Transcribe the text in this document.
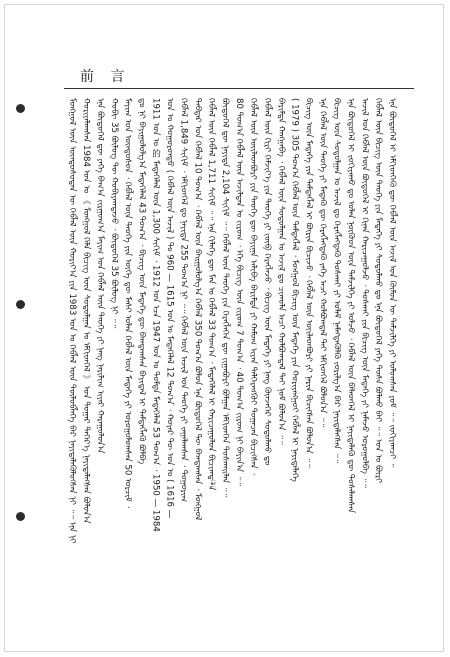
前 言
ᠮᠣᠩᠭᠣᠯ ᠦᠨ ᠦᠨᠳᠦᠰᠦᠲᠡᠨ ᠦ ᠬᠡᠪᠯᠡᠯ ᠦᠨ ᠬᠣᠷᠢᠶ᠎ᠠ ᠶᠢᠨ 1983 ᠣᠨ ᠤ ᠬᠡᠪᠯᠡᠯ ᠦᠨ ᠲᠥᠯᠥᠪᠯᠡᠭᠡ ᠪᠡᠷ ᠨᠡᠶᠢᠲᠡᠯᠡᠭᠦᠯᠦᠭᠰᠡᠨ ᠨᠢ ᠃᠃ ᠡᠨᠡ ᠨᠢ ᠬᠣᠷᠢᠶᠠᠯᠠᠭᠰᠠᠨ 1984 ᠣᠨ ᠤ 《 ᠮᠣᠩᠭᠣᠯ ᠬᠡᠯᠡ ᠪᠢᠴᠢᠭ ᠦᠨ ᠰᠤᠳᠤᠯᠭᠠᠨ ᠤ ᠡᠮᠬᠢᠳᠬᠡᠯ 》 ᠤᠨ ᠳᠤᠭᠠᠷ ᠳᠡᠭᠡᠷ᠎ᠡ ᠨᠡᠶᠢᠲᠡᠯᠡᠭᠰᠡᠨ ᠪᠣᠯᠤᠨ᠎ᠠ ᠡᠨᠡ ᠪᠦᠲᠦᠭᠡᠯ ᠳᠦ ᠶᠡᠬᠡ ᠪᠠᠭ᠎ᠠ ᠵᠢᠷᠭᠤᠭ᠎ᠠ ᠮᠠᠶᠢᠭ ᠤᠨ ᠬᠡᠪᠯᠡᠯ ᠦᠨ ᠲᠡᠦᠬᠡ ᠶᠢ ᠨᠡᠩ ᠨᠠᠷᠢᠯᠢᠭ ᠢᠶᠡᠷ ᠬᠠᠷᠠᠭᠤᠯᠤᠨ᠎ᠠ ᠬᠤᠪᠢ 35 ᠪᠦᠯᠦᠭ ᠲᠦ ᠬᠤᠪᠢᠶᠠᠭᠳᠠᠵᠤ ᠂ ᠪᠦᠲᠦᠭᠡᠯ 35 ᠪᠦᠯᠦᠭ ᠨᠢ ᠃᠃ ᠮᠠᠶᠢᠭ ᠤᠨ ᠦᠨᠳᠦᠰᠦᠨ ᠂ ᠬᠡᠪᠯᠡᠯ ᠦᠨ ᠲᠡᠦᠬᠡ ᠶᠢᠨ ᠦᠭᠡ ᠳᠦ ᠮᠠᠰᠢ ᠣᠯᠠᠨ ᠬᠡᠪᠯᠡᠯ ᠦᠨ ᠮᠡᠳᠡᠭᠡ ᠶᠢ ᠣᠷᠤᠭᠤᠯᠤᠭᠰᠠᠨ 50 ᠣᠷᠴᠢᠮ ᠂ ᠳᠤ ᠨᠢ ᠪᠠᠶᠢᠭᠤᠯᠤᠯᠭ᠎ᠠ ᠮᠡᠳᠡᠭᠡᠯᠡᠯ 43 ᠲᠣᠭ᠎ᠠ ᠂ ᠪᠢᠴᠢᠭ ᠦᠨ ᠮᠡᠳᠡᠭᠡ ᠳᠦ ᠪᠠᠭᠲᠠᠭᠰᠠᠨ ᠪᠠᠶᠢᠳᠠᠯ ᠢ ᠲᠡᠮᠳᠡᠭᠯᠡᠬᠦ ᠪᠣᠯᠪᠠ 1911 ᠣᠨ ᠤ 的 ᠮᠡᠳᠡᠭᠡᠯᠡᠯ ᠦᠨ 1,300 ᠰᠢᠬᠢᠮ ᠂ 1912 ᠣᠨ ᠡᠴᠡ 1947 ᠣᠨ ᠤ ᠳᠤᠮᠳᠠ ᠮᠡᠳᠡᠭᠡᠯᠡᠯ 53 ᠲᠣᠭ᠎ᠠ ᠂ 1950 — 1984 ᠣᠨ ᠤ ᠬᠣᠭᠣᠷᠣᠨᠳᠣ ( ᠬᠡᠪᠯᠡᠯ ᠦᠨ ᠠᠵᠢᠯ ) ᠲᠤ 960 — 1615 ᠣᠨ ᠤ ᠮᠡᠳᠡᠭᠡᠯᠡᠯ 12 ᠲᠣᠭ᠎ᠠ ᠂ ᠬᠣᠶᠠᠷ ᠲᠦ ᠣᠨ ᠤ ( 1616 — ᠬᠡᠪᠯᠡᠯ 1,849 ᠰᠢᠬᠢᠮ ᠂ ᠡᠮᠬᠢᠳᠬᠡᠯ ᠳᠤ ᠨᠡᠶᠢᠲᠡ 255 ᠲᠣᠭ᠎ᠠ ᠨᠢ ᠃᠃ ᠬᠡᠪᠯᠡᠯ ᠦᠨ ᠠᠵᠢᠯ ᠤᠨ ᠲᠡᠦᠬᠡ ᠶᠢ ᠵᠠᠭᠠᠯᠠᠭᠰᠠᠨ ᠂ ᠲᠣᠭᠤᠷᠢᠭ ᠳᠡᠪᠲᠡᠷ ᠤᠨ ᠬᠡᠪᠯᠡᠯ 10 ᠲᠣᠭ᠎ᠠ ᠂ ᠬᠡᠪᠯᠡᠯ ᠦᠨ ᠪᠠᠢᠭᠤᠯᠤᠯᠭ᠎ᠠ ᠬᠡᠪᠯᠡᠯ 350 ᠲᠣᠭ᠎ᠠ ᠪᠣᠯᠤᠨ ᠡᠨᠡ ᠪᠦᠲᠦᠭᠡᠯ ᠲᠦ ᠪᠠᠭᠲᠠᠭᠰᠠᠨ ᠂ ᠮᠣᠩᠭᠣᠯ ᠬᠡᠪᠯᠡᠯ ᠦᠨ ᠬᠡᠪᠯᠡᠯ 1,711 ᠰᠢᠬᠢᠮ ᠃᠃ ᠡᠨᠡ ᠬᠢᠯᠡᠭᠡ ᠳᠦ ᠮᠠᠨ ᠤ ᠬᠡᠪᠯᠡᠯ 33 ᠲᠣᠭ᠎ᠠ ᠂ ᠮᠡᠳᠡᠭᠡᠯᠡᠯ ᠢ ᠬᠠᠷᠢᠴᠠᠭᠤᠯᠤᠨ ᠪᠢᠴᠢᠭ᠍ᠳ᠍ᠡ ᠪᠦᠲᠦᠭᠡᠯ ᠳᠦ ᠨᠡᠶᠢᠲᠡ 2,104 ᠰᠢᠬᠢᠮ ᠃᠃ ᠬᠡᠪᠯᠡᠯ ᠦᠨ ᠲᠡᠦᠬᠡ ᠶᠢᠨ ᠬᠡᠷᠡᠭᠯᠡᠭᠡᠨ ᠳᠦ ᠵᠢᠭᠠᠪᠤᠷᠢ ᠪᠣᠯᠭᠠᠨ ᠡᠮᠬᠢᠳᠬᠡᠨ ᠲᠤᠰᠬᠠᠢᠯᠠᠨ ᠃᠃ 80 ᠲᠣᠭ᠎ᠠ ᠬᠡᠪᠯᠡᠯ ᠦᠨ ᠠᠵᠢᠯᠲᠠᠨ ᠤ ᠵᠢᠷᠤᠭ ᠂ ᠡᠬᠡ ᠪᠢᠴᠢᠭ ᠦᠨ ᠵᠢᠷᠤᠭ 7 ᠲᠣᠭ᠎ᠠ ᠂ 40 ᠲᠣᠭ᠎ᠠ ᠵᠢᠷᠤᠭ ᠨᠢ ᠪᠠᠶᠢᠨ᠎ᠠ ᠃᠃ ᠬᠡᠪᠯᠡᠯ ᠦᠨ ᠦᠢᠯᠡᠳᠪᠦᠷᠢ ᠶᠢᠨ ᠲᠡᠦᠬᠡ ᠳᠦ ᠪᠠᠶᠢᠭᠠ ᠠᠯᠢᠪᠠ ᠪᠠᠷᠢᠮᠲᠠ ᠶᠢ ᠬᠠᠮᠤᠭ ᠢᠶᠡᠨ ᠳᠡᠯᠭᠡᠷᠡᠩᠭᠦᠢ ᠲᠣᠭᠠᠴᠠᠨ ᠪᠢᠴᠢᠭᠰᠡᠨ ᠂ ᠬᠡᠪᠯᠡᠯ ᠦᠨ ᠬᠢᠷᠢ ᠬᠡᠮᠵᠢᠶ᠎ᠡ ᠶᠢᠨ ᠲᠡᠦᠬᠡ ᠶᠢ ᠵᠦᠪ ᠬᠡᠷᠡᠭᠯᠡᠵᠦ ᠂ ᠪᠢᠴᠢᠭ ᠦᠨ ᠮᠡᠳᠡᠭᠡ ᠶᠢ ᠨᠡᠩ ᠭᠦᠨᠵᠡᠭᠡᠷ ᠰᠤᠳᠤᠯᠬᠤ ᠳᠤ ᠪᠠᠷᠢᠮᠲᠠ ᠬᠠᠩᠭᠠᠪᠠ ᠂ ᠬᠡᠪᠯᠡᠯ ᠦᠨ ᠰᠤᠳᠤᠯᠭᠠᠨ ᠤ ᠠᠵᠢᠯ ᠳᠤ ᠴᠢᠬᠤᠯᠠ ᠠᠴᠢ ᠬᠣᠯᠪᠤᠭᠳᠠᠯ ᠲᠠᠶ ᠨᠣᠮ ᠪᠣᠯᠤᠨ᠎ᠠ ᠃᠃ ( 1979 ) 305 ᠲᠣᠭ᠎ᠠ ᠬᠡᠪᠯᠡᠯ ᠦᠨ ᠲᠡᠮᠳᠡᠭᠯᠡᠯ ᠂ ᠮᠣᠩᠭᠣᠯ ᠪᠢᠴᠢᠭ ᠦᠨ ᠮᠡᠳᠡᠭᠡ ᠶᠢᠨ ᠬᠣᠷᠢᠶᠠᠩᠭᠤᠢ ᠬᠡᠪᠯᠡᠯ ᠢ ᠨᠡᠶᠢᠲᠡᠯᠡᠭᠡ ᠪᠢᠴᠢᠭ ᠦᠨ ᠮᠡᠳᠡᠭᠡ ᠶᠢᠨ ᠲᠡᠮᠳᠡᠭᠯᠡᠯ ᠢ ᠪᠦᠷᠢᠨ ᠪᠢᠴᠢᠵᠦ ᠂ ᠬᠡᠪᠯᠡᠯ ᠦᠨ ᠦᠢᠯᠡᠳᠪᠦᠷᠢ ᠶᠢ ᠨᠠᠷᠢᠨ ᠪᠢᠴᠢᠭᠰᠡᠨ ᠪᠣᠯᠤᠨ᠎ᠠ ᠃᠃ ᠡᠨᠡ ᠬᠡᠪᠯᠡᠯ ᠦᠨ ᠲᠡᠦᠬᠡ ᠶᠢ ᠮᠡᠳᠡᠬᠦ ᠳᠦ ᠬᠡᠷᠡᠭᠯᠡᠭᠳᠡᠬᠦ ᠶᠡᠬᠡ ᠠᠴᠢ ᠬᠣᠯᠪᠣᠭᠳᠠᠯ ᠲᠠᠶ ᠡᠮᠬᠢᠳᠬᠡᠯ ᠪᠣᠯᠤᠨ᠎ᠠ ᠃᠃ ᠪᠢᠴᠢᠭ ᠦᠨ ᠰᠤᠳᠤᠯᠭᠠᠨ ᠤ ᠠᠵᠢᠯ ᠳᠤ ᠬᠡᠷᠡᠭᠯᠡᠭᠳᠡᠬᠦ ᠲᠤᠰᠬᠠᠶ ᠶᠢ ᠤᠯᠠᠮ ᠨᠡᠮᠡᠭᠳᠡᠭᠦᠯᠬᠦ ᠵᠣᠷᠢᠯᠭ᠎ᠠ ᠪᠠᠷ ᠨᠡᠶᠢᠲᠡᠯᠡᠭᠰᠡᠨ ᠃᠃ ᠡᠨᠡ ᠪᠦᠲᠦᠭᠡᠯ ᠢ ᠵᠣᠬᠢᠶᠠᠬᠤ ᠳᠤ ᠣᠯᠠᠨ ᠨᠥᠬᠥᠳ ᠦᠨ ᠳᠡᠮᠵᠢᠯᠭᠡ ᠶᠢ ᠣᠯᠵᠤ ᠂ ᠬᠡᠪᠯᠡᠯ ᠦᠨ ᠪᠡᠯᠡᠳᠬᠡᠯ ᠢ ᠨᠡᠶᠢᠲᠡᠯᠡᠬᠦ ᠳᠦ ᠲᠤᠰᠠᠯᠠᠭᠰᠠᠨ ᠠᠵᠢᠯ ᠤᠨ ᠬᠡᠪᠯᠡᠯ ᠦᠨ ᠪᠦᠲᠦᠭᠡᠯ ᠢ ᠬᠢᠨᠠᠨ ᠬᠠᠷᠢᠴᠠᠭᠤᠯᠵᠤ ᠂ ᠲᠤᠰᠬᠠᠢ ᠶᠢᠨ ᠪᠢᠴᠢᠭ ᠦᠨ ᠮᠡᠳᠡᠭᠡ ᠶᠢ ᠨᠡᠮᠡᠵᠦ ᠣᠷᠤᠭᠤᠯᠪᠠ ᠃᠃ ᠬᠡᠪᠯᠡᠯ ᠦᠨ ᠪᠢᠴᠢᠭ ᠦᠨ ᠲᠡᠦᠬᠡ ᠶᠢᠨ ᠮᠡᠳᠡᠭᠡ ᠶᠢ ᠰᠤᠳᠤᠯᠬᠤ ᠳᠤ ᠡᠨᠡ ᠪᠦᠲᠦᠭᠡᠯ ᠶᠡᠬᠡ ᠲᠤᠰᠠ ᠪᠣᠯᠬᠤ ᠪᠡᠢ ᠃᠃ ᠣᠨ ᠤ ᠪᠦᠷᠢ ᠡᠨᠡ ᠪᠦᠲᠦᠭᠡᠯ ᠢ ᠡᠮᠬᠢᠳᠬᠡᠬᠦ ᠳᠦ ᠬᠡᠪᠯᠡᠯ ᠦᠨ ᠠᠵᠢᠯ ᠤᠨ ᠬᠦᠮᠦᠨ ᠦ ᠳᠡᠮᠵᠢᠯᠭᠡ ᠶᠢ ᠣᠯᠤᠭᠰᠠᠨ ᠶᠤᠮ ᠃᠃ ᠵᠣᠬᠢᠶᠠᠭᠴᠢ ᠃
